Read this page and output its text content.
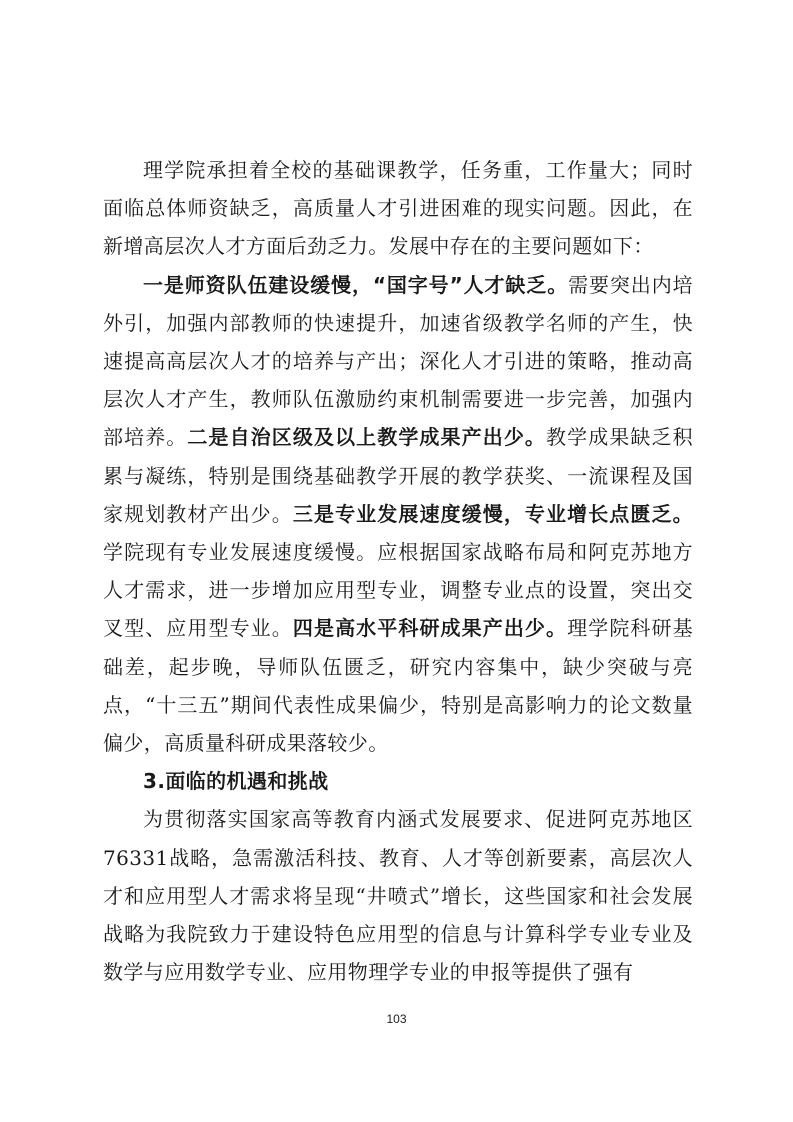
理学院承担着全校的基础课教学，任务重，工作量大；同时面临总体师资缺乏，高质量人才引进困难的现实问题。因此，在新增高层次人才方面后劲乏力。发展中存在的主要问题如下：

一是师资队伍建设缓慢，“国字号”人才缺乏。需要突出内培外引，加强内部教师的快速提升，加速省级教学名师的产生，快速提高高层次人才的培养与产出；深化人才引进的策略，推动高层次人才产生，教师队伍激励约束机制需要进一步完善，加强内部培养。二是自治区级及以上教学成果产出少。教学成果缺乏积累与凝练，特别是围绕基础教学开展的教学获奖、一流课程及国家规划教材产出少。三是专业发展速度缓慢，专业增长点匮乏。学院现有专业发展速度缓慢。应根据国家战略布局和阿克苏地方人才需求，进一步增加应用型专业，调整专业点的设置，突出交叉型、应用型专业。四是高水平科研成果产出少。理学院科研基础差，起步晚，导师队伍匮乏，研究内容集中，缺少突破与亮点，“十三五”期间代表性成果偏少，特别是高影响力的论文数量偏少，高质量科研成果落较少。

3.面临的机遇和挑战

为贯彻落实国家高等教育内涵式发展要求、促进阿克苏地区76331战略，急需激活科技、教育、人才等创新要素，高层次人才和应用型人才需求将呈现“井喷式”增长，这些国家和社会发展战略为我院致力于建设特色应用型的信息与计算科学专业专业及数学与应用数学专业、应用物理学专业的申报等提供了强有

103
